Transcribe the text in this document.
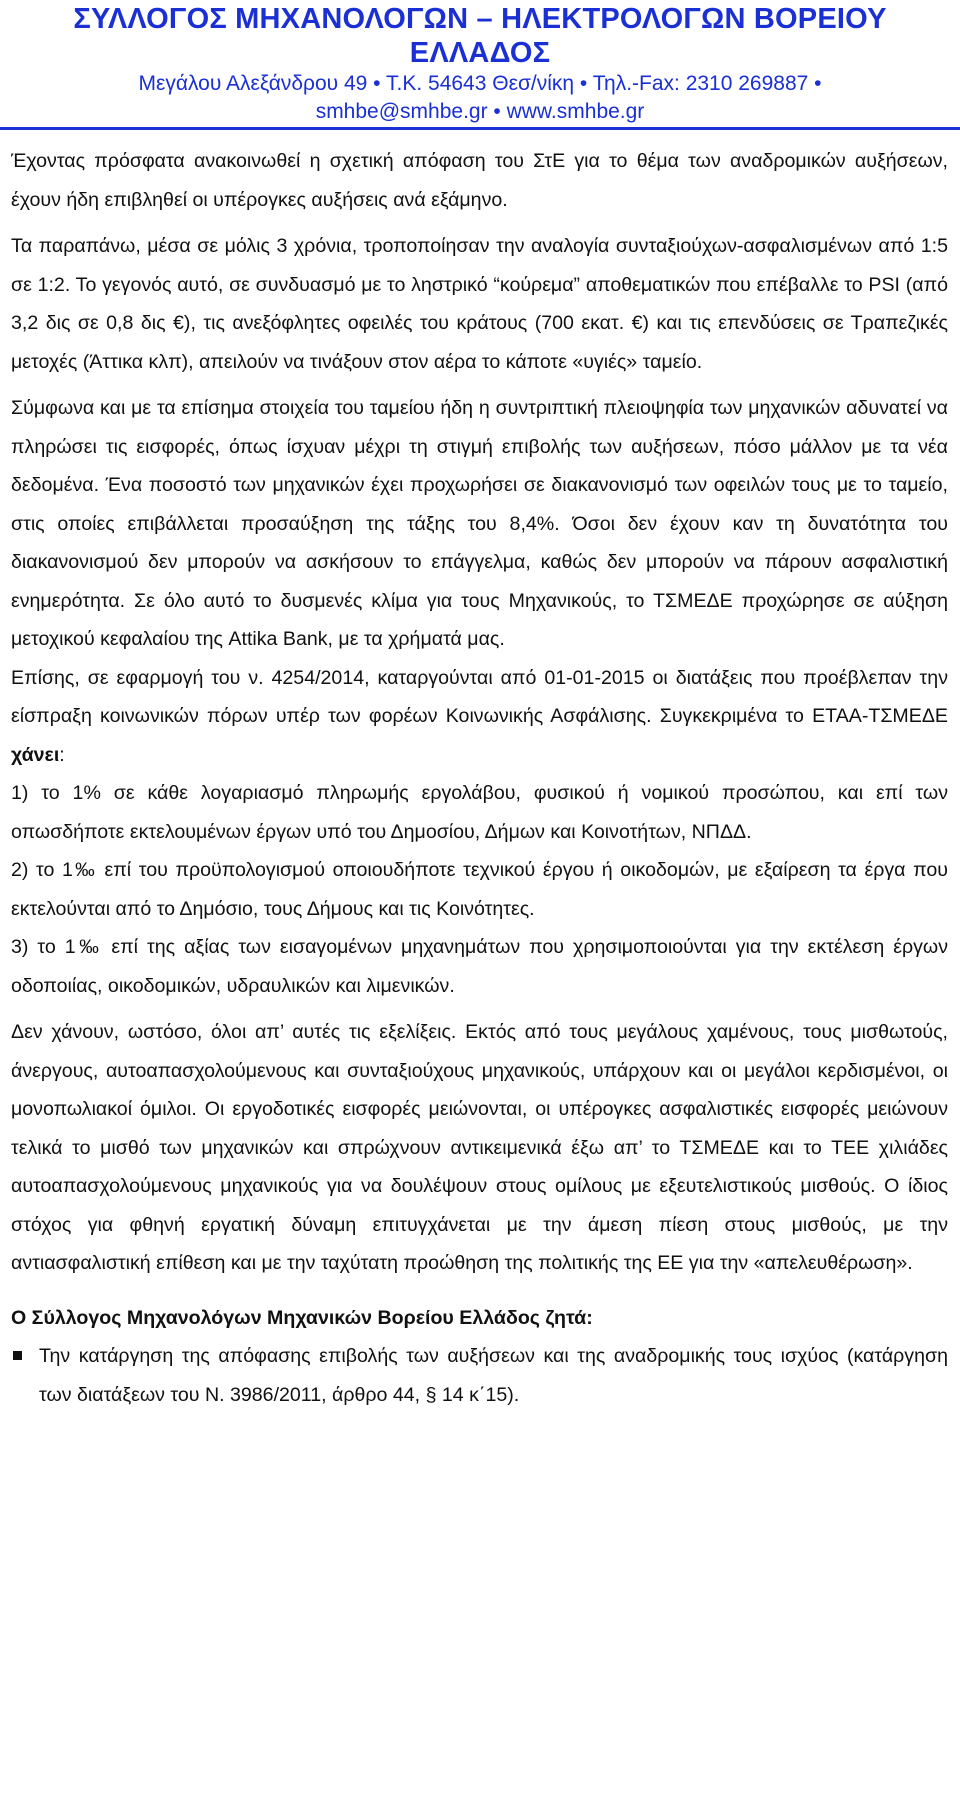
ΣΥΛΛΟΓΟΣ ΜΗΧΑΝΟΛΟΓΩΝ – ΗΛΕΚΤΡΟΛΟΓΩΝ ΒΟΡΕΙΟΥ ΕΛΛΑΔΟΣ
Μεγάλου Αλεξάνδρου 49 • Τ.Κ. 54643 Θεσ/νίκη • Τηλ.-Fax: 2310 269887 •
smhbe@smhbe.gr • www.smhbe.gr

Έχοντας πρόσφατα ανακοινωθεί η σχετική απόφαση του ΣτΕ για το θέμα των αναδρομικών αυξήσεων, έχουν ήδη επιβληθεί οι υπέρογκες αυξήσεις ανά εξάμηνο.

Τα παραπάνω, μέσα σε μόλις 3 χρόνια, τροποποίησαν την αναλογία συνταξιούχων-ασφαλισμένων από 1:5 σε 1:2. Το γεγονός αυτό, σε συνδυασμό με το ληστρικό “κούρεμα” αποθεματικών που επέβαλλε το PSI (από 3,2 δις σε 0,8 δις €), τις ανεξόφλητες οφειλές του κράτους (700 εκατ. €) και τις επενδύσεις σε Τραπεζικές μετοχές (Άττικα κλπ), απειλούν να τινάξουν στον αέρα το κάποτε «υγιές» ταμείο.

Σύμφωνα και με τα επίσημα στοιχεία του ταμείου ήδη η συντριπτική πλειοψηφία των μηχανικών αδυνατεί να πληρώσει τις εισφορές, όπως ίσχυαν μέχρι τη στιγμή επιβολής των αυξήσεων, πόσο μάλλον με τα νέα δεδομένα. Ένα ποσοστό των μηχανικών έχει προχωρήσει σε διακανονισμό των οφειλών τους με το ταμείο, στις οποίες επιβάλλεται προσαύξηση της τάξης του 8,4%. Όσοι δεν έχουν καν τη δυνατότητα του διακανονισμού δεν μπορούν να ασκήσουν το επάγγελμα, καθώς δεν μπορούν να πάρουν ασφαλιστική ενημερότητα. Σε όλο αυτό το δυσμενές κλίμα για τους Μηχανικούς, το ΤΣΜΕΔΕ προχώρησε σε αύξηση μετοχικού κεφαλαίου της Attika Bank, με τα χρήματά μας.

Επίσης, σε εφαρμογή του ν. 4254/2014, καταργούνται από 01-01-2015 οι διατάξεις που προέβλεπαν την είσπραξη κοινωνικών πόρων υπέρ των φορέων Κοινωνικής Ασφάλισης. Συγκεκριμένα το ΕΤΑΑ-ΤΣΜΕΔΕ χάνει:

1) το 1% σε κάθε λογαριασμό πληρωμής εργολάβου, φυσικού ή νομικού προσώπου, και επί των οπωσδήποτε εκτελουμένων έργων υπό του Δημοσίου, Δήμων και Κοινοτήτων, ΝΠΔΔ.

2) το 1‰ επί του προϋπολογισμού οποιουδήποτε τεχνικού έργου ή οικοδομών, με εξαίρεση τα έργα που εκτελούνται από το Δημόσιο, τους Δήμους και τις Κοινότητες.

3) το 1‰ επί της αξίας των εισαγομένων μηχανημάτων που χρησιμοποιούνται για την εκτέλεση έργων οδοποιίας, οικοδομικών, υδραυλικών και λιμενικών.

Δεν χάνουν, ωστόσο, όλοι απ’ αυτές τις εξελίξεις. Εκτός από τους μεγάλους χαμένους, τους μισθωτούς, άνεργους, αυτοαπασχολούμενους και συνταξιούχους μηχανικούς, υπάρχουν και οι μεγάλοι κερδισμένοι, οι μονοπωλιακοί όμιλοι. Οι εργοδοτικές εισφορές μειώνονται, οι υπέρογκες ασφαλιστικές εισφορές μειώνουν τελικά το μισθό των μηχανικών και σπρώχνουν αντικειμενικά έξω απ’ το ΤΣΜΕΔΕ και το ΤΕΕ χιλιάδες αυτοαπασχολούμενους μηχανικούς για να δουλέψουν στους ομίλους με εξευτελιστικούς μισθούς. Ο ίδιος στόχος για φθηνή εργατική δύναμη επιτυγχάνεται με την άμεση πίεση στους μισθούς, με την αντιασφαλιστική επίθεση και με την ταχύτατη προώθηση της πολιτικής της ΕΕ για την «απελευθέρωση».

Ο Σύλλογος Μηχανολόγων Μηχανικών Βορείου Ελλάδος ζητά:

Την κατάργηση της απόφασης επιβολής των αυξήσεων και της αναδρομικής τους ισχύος (κατάργηση των διατάξεων του Ν. 3986/2011, άρθρο 44, § 14 κ΄15).
